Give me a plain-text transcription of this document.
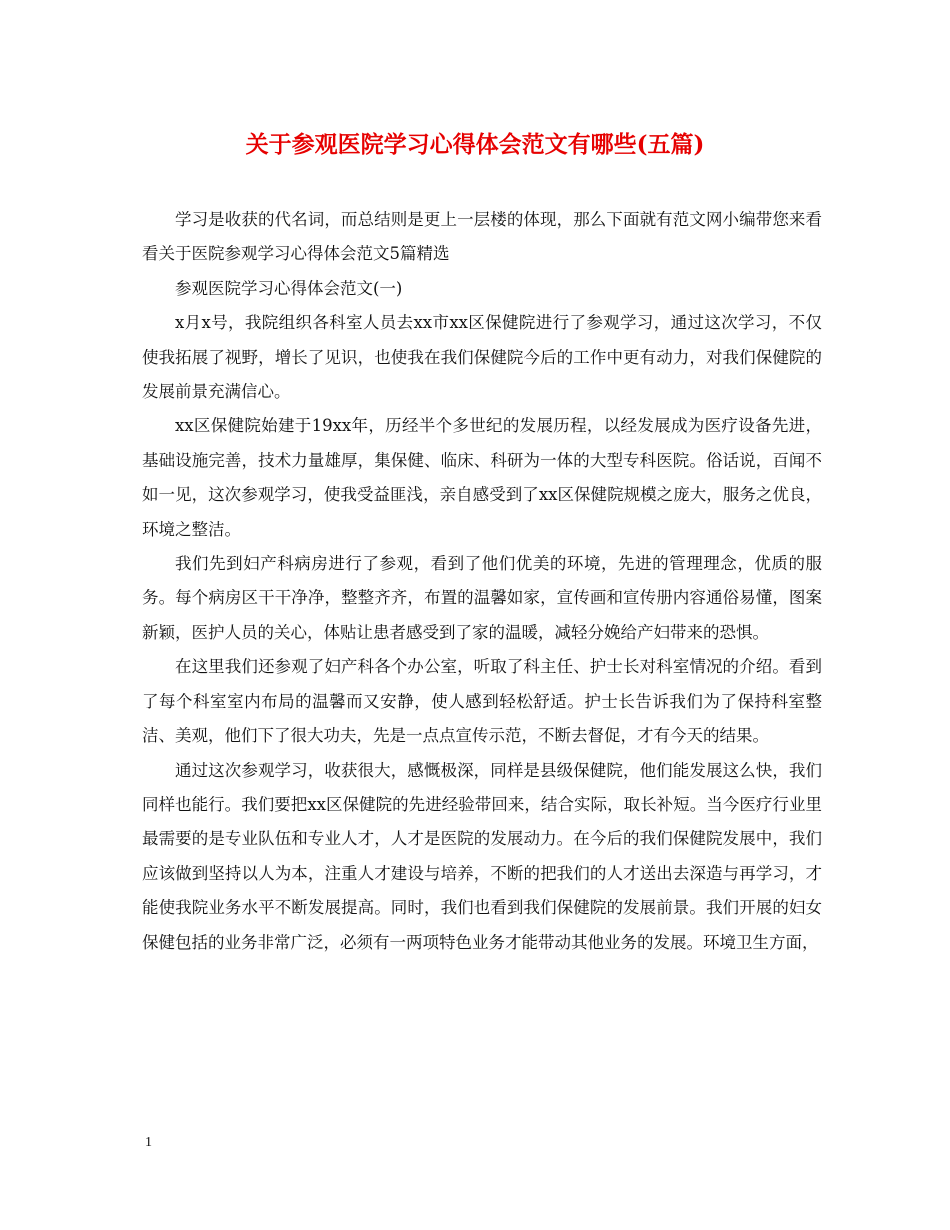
关于参观医院学习心得体会范文有哪些(五篇)

学习是收获的代名词，而总结则是更上一层楼的体现，那么下面就有范文网小编带您来看看关于医院参观学习心得体会范文5篇精选

参观医院学习心得体会范文(一)

x月x号，我院组织各科室人员去xx市xx区保健院进行了参观学习，通过这次学习，不仅使我拓展了视野，增长了见识，也使我在我们保健院今后的工作中更有动力，对我们保健院的发展前景充满信心。

xx区保健院始建于19xx年，历经半个多世纪的发展历程，以经发展成为医疗设备先进，基础设施完善，技术力量雄厚，集保健、临床、科研为一体的大型专科医院。俗话说，百闻不如一见，这次参观学习，使我受益匪浅，亲自感受到了xx区保健院规模之庞大，服务之优良，环境之整洁。

我们先到妇产科病房进行了参观，看到了他们优美的环境，先进的管理理念，优质的服务。每个病房区干干净净，整整齐齐，布置的温馨如家，宣传画和宣传册内容通俗易懂，图案新颖，医护人员的关心，体贴让患者感受到了家的温暖，减轻分娩给产妇带来的恐惧。

在这里我们还参观了妇产科各个办公室，听取了科主任、护士长对科室情况的介绍。看到了每个科室室内布局的温馨而又安静，使人感到轻松舒适。护士长告诉我们为了保持科室整洁、美观，他们下了很大功夫，先是一点点宣传示范，不断去督促，才有今天的结果。

通过这次参观学习，收获很大，感慨极深，同样是县级保健院，他们能发展这么快，我们同样也能行。我们要把xx区保健院的先进经验带回来，结合实际，取长补短。当今医疗行业里最需要的是专业队伍和专业人才，人才是医院的发展动力。在今后的我们保健院发展中，我们应该做到坚持以人为本，注重人才建设与培养，不断的把我们的人才送出去深造与再学习，才能使我院业务水平不断发展提高。同时，我们也看到我们保健院的发展前景。我们开展的妇女保健包括的业务非常广泛，必须有一两项特色业务才能带动其他业务的发展。环境卫生方面，

1
